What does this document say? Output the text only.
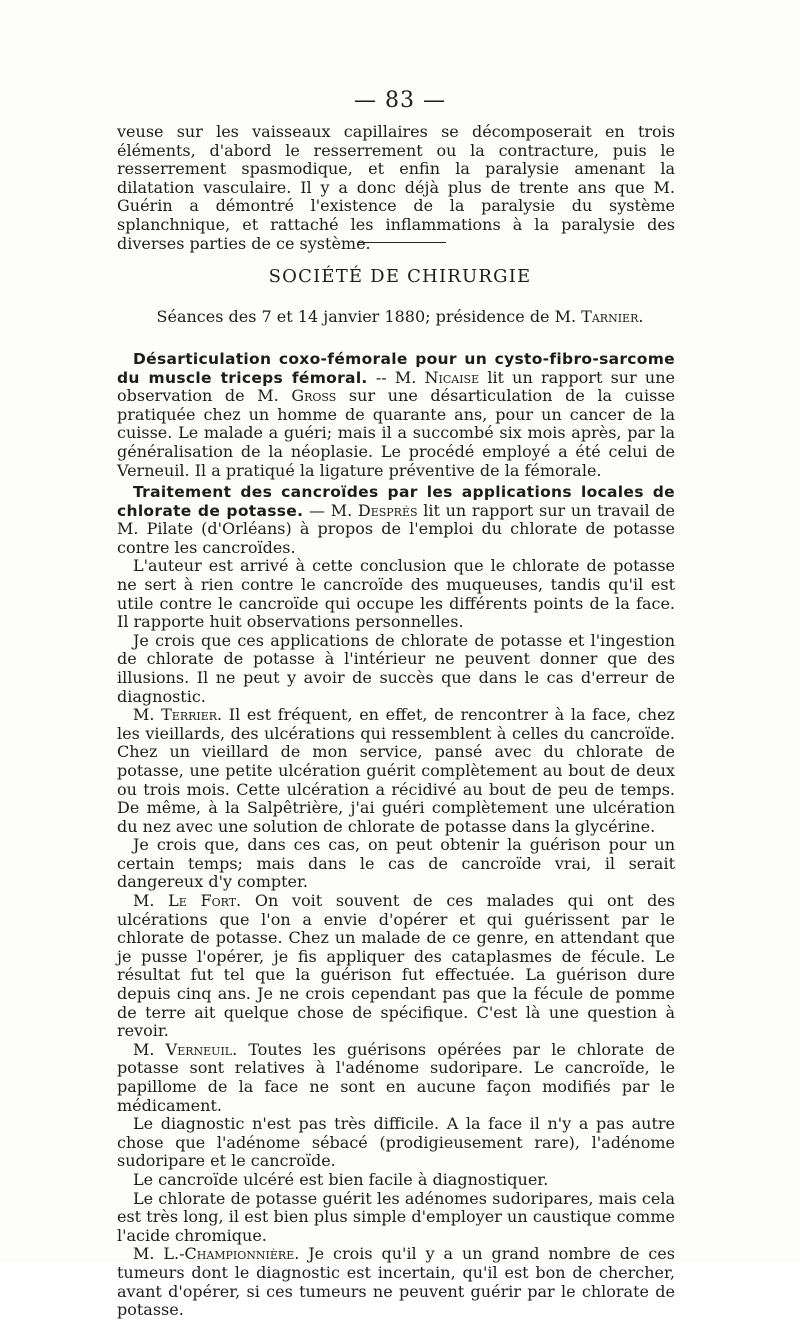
— 83 —

veuse sur les vaisseaux capillaires se décomposerait en trois éléments, d'abord le resserrement ou la contracture, puis le resserrement spasmodique, et enfin la paralysie amenant la dilatation vasculaire. Il y a donc déjà plus de trente ans que M. Guérin a démontré l'existence de la paralysie du système splanchnique, et rattaché les inflammations à la paralysie des diverses parties de ce système.

SOCIÉTÉ DE CHIRURGIE
Séances des 7 et 14 janvier 1880; présidence de M. Tarnier.

Désarticulation coxo-fémorale pour un cysto-fibro-sarcome du muscle triceps fémoral. -- M. Nicaise lit un rapport sur une observation de M. Gross sur une désarticulation de la cuisse pratiquée chez un homme de quarante ans, pour un cancer de la cuisse. Le malade a guéri; mais il a succombé six mois après, par la généralisation de la néoplasie. Le procédé employé a été celui de Verneuil. Il a pratiqué la ligature préventive de la fémorale.

Traitement des cancroïdes par les applications locales de chlorate de potasse. — M. Després lit un rapport sur un travail de M. Pilate (d'Orléans) à propos de l'emploi du chlorate de potasse contre les cancroïdes.

L'auteur est arrivé à cette conclusion que le chlorate de potasse ne sert à rien contre le cancroïde des muqueuses, tandis qu'il est utile contre le cancroïde qui occupe les différents points de la face. Il rapporte huit observations personnelles.

Je crois que ces applications de chlorate de potasse et l'ingestion de chlorate de potasse à l'intérieur ne peuvent donner que des illusions. Il ne peut y avoir de succès que dans le cas d'erreur de diagnostic.

M. Terrier. Il est fréquent, en effet, de rencontrer à la face, chez les vieillards, des ulcérations qui ressemblent à celles du cancroïde. Chez un vieillard de mon service, pansé avec du chlorate de potasse, une petite ulcération guérit complètement au bout de deux ou trois mois. Cette ulcération a récidivé au bout de peu de temps. De même, à la Salpêtrière, j'ai guéri complètement une ulcération du nez avec une solution de chlorate de potasse dans la glycérine.

Je crois que, dans ces cas, on peut obtenir la guérison pour un certain temps; mais dans le cas de cancroïde vrai, il serait dangereux d'y compter.

M. Le Fort. On voit souvent de ces malades qui ont des ulcérations que l'on a envie d'opérer et qui guérissent par le chlorate de potasse. Chez un malade de ce genre, en attendant que je pusse l'opérer, je fis appliquer des cataplasmes de fécule. Le résultat fut tel que la guérison fut effectuée. La guérison dure depuis cinq ans. Je ne crois cependant pas que la fécule de pomme de terre ait quelque chose de spécifique. C'est là une question à revoir.

M. Verneuil. Toutes les guérisons opérées par le chlorate de potasse sont relatives à l'adénome sudoripare. Le cancroïde, le papillome de la face ne sont en aucune façon modifiés par le médicament.

Le diagnostic n'est pas très difficile. A la face il n'y a pas autre chose que l'adénome sébacé (prodigieusement rare), l'adénome sudoripare et le cancroïde.

Le cancroïde ulcéré est bien facile à diagnostiquer.

Le chlorate de potasse guérit les adénomes sudoripares, mais cela est très long, il est bien plus simple d'employer un caustique comme l'acide chromique.

M. L.-Championnière. Je crois qu'il y a un grand nombre de ces tumeurs dont le diagnostic est incertain, qu'il est bon de chercher, avant d'opérer, si ces tumeurs ne peuvent guérir par le chlorate de potasse.
